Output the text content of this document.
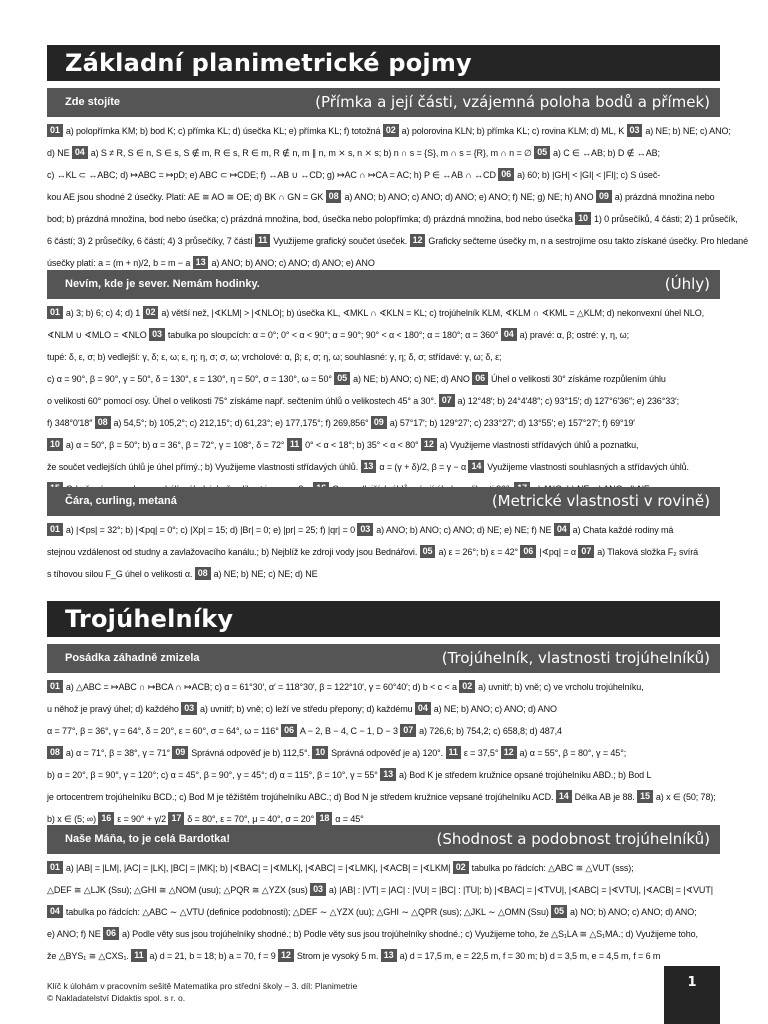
Základní planimetrické pojmy
Zde stojíte	(Přímka a její části, vzájemná poloha bodů a přímek)
01 a) polopřímka KM; b) bod K; c) přímka KL; d) úsečka KL; e) přímka KL; f) totožná 02 a) polorovina KLN; b) přímka KL; c) rovina KLM; d) ML, K 03 a) NE; b) NE; c) ANO;
d) NE 04 a) S ≠ R, S ∈ n, S ∈ s, S ∉ m, R ∈ s, R ∈ m, R ∉ n, m ∥ n, m ⨯ s, n ⨯ s; b) n ∩ s = {S}, m ∩ s = {R}, m ∩ n = ∅ 05 a) C ∈ ↔AB; b) D ∉ ↔AB;
c) ↔KL ⊂ ↔ABC; d) ↦ABC = ↦pD; e) ABC ⊂ ↦CDE; f) ↔AB ∪ ↔CD; g) ↦AC ∩ ↦CA = AC; h) P ∈ ↔AB ∩ ↔CD 06 a) 60; b) |GH| < |GI| < |FI|; c) S úseč-
kou AE jsou shodné 2 úsečky. Platí: AE ≅ AO ≅ OE; d) BK ∩ GN = GK 08 a) ANO; b) ANO; c) ANO; d) ANO; e) ANO; f) NE; g) NE; h) ANO 09 a) prázdná množina nebo
bod; b) prázdná množina, bod nebo úsečka; c) prázdná množina, bod, úsečka nebo polopřímka; d) prázdná množina, bod nebo úsečka 10 1) 0 průsečíků, 4 části; 2) 1 průsečík,
6 částí; 3) 2 průsečíky, 6 částí; 4) 3 průsečíky, 7 částí 11 Využijeme grafický součet úseček. 12 Graficky sečteme úsečky m, n a sestrojíme osu takto získané úsečky. Pro hledané
úsečky platí: a = (m + n)/2, b = m − a 13 a) ANO; b) ANO; c) ANO; d) ANO; e) ANO
Nevím, kde je sever. Nemám hodinky.	(Úhly)
01 a) 3; b) 6; c) 4; d) 1 02 a) větší než, |∢KLM| > |∢NLO|; b) úsečka KL, ∢MKL ∩ ∢KLN = KL; c) trojúhelník KLM, ∢KLM ∩ ∢KML = △KLM; d) nekonvexní úhel NLO,
∢NLM ∪ ∢MLO = ∢NLO 03 tabulka po sloupcích: α = 0°; 0° < α < 90°; α = 90°; 90° < α < 180°; α = 180°; α = 360° 04 a) pravé: α, β; ostré: γ, η, ω;
tupé: δ, ε, σ; b) vedlejší: γ, δ; ε, ω; ε, η; η, σ; σ, ω; vrcholové: α, β; ε, σ; η, ω; souhlasné: γ, η; δ, σ; střídavé: γ, ω; δ, ε;
c) α = 90°, β = 90°, γ = 50°, δ = 130°, ε = 130°, η = 50°, σ = 130°, ω = 50° 05 a) NE; b) ANO; c) NE; d) ANO 06 Úhel o velikosti 30° získáme rozpůlením úhlu
o velikosti 60° pomocí osy. Úhel o velikosti 75° získáme např. sečtením úhlů o velikostech 45° a 30°. 07 a) 12°48′; b) 24°4′48″; c) 93°15′; d) 127°6′36″; e) 236°33′;
f) 348°0′18″ 08 a) 54,5°; b) 105,2°; c) 212,15°; d) 61,23°; e) 177,175°; f) 269,856° 09 a) 57°17′; b) 129°27′; c) 233°27′; d) 13°55′; e) 157°27′; f) 69°19′
10 a) α = 50°, β = 50°; b) α = 36°, β = 72°, γ = 108°, δ = 72° 11 0° < α < 18°; b) 35° < α < 80° 12 a) Využijeme vlastnosti střídavých úhlů a poznatku,
že součet vedlejších úhlů je úhel přímý.; b) Využijeme vlastnosti střídavých úhlů. 13 α = (γ + δ)/2, β = γ − α 14 Využijeme vlastnosti souhlasných a střídavých úhlů.
Čára, curling, metaná	(Metrické vlastnosti v rovině)
01 a) |∢ps| = 32°; b) |∢pq| = 0°; c) |Xp| = 15; d) |Br| = 0; e) |pr| = 25; f) |qr| = 0 03 a) ANO; b) ANO; c) ANO; d) NE; e) NE; f) NE 04 a) Chata každé rodiny má
stejnou vzdálenost od studny a zavlažovacího kanálu.; b) Nejblíž ke zdroji vody jsou Bednářovi. 05 a) ε = 26°; b) ε = 42° 06 |∢pq| = α 07 a) Tlaková složka F₂ svírá
s tíhovou silou F_G úhel o velikosti α. 08 a) NE; b) NE; c) NE; d) NE
Trojúhelníky
Posádka záhadně zmizela	(Trojúhelník, vlastnosti trojúhelníků)
01 a) △ABC = ↦ABC ∩ ↦BCA ∩ ↦ACB; c) α = 61°30′, α′ = 118°30′, β = 122°10′, γ = 60°40′; d) b < c < a 02 a) uvnitř; b) vně; c) ve vrcholu trojúhelníku,
u něhož je pravý úhel; d) každého 03 a) uvnitř; b) vně; c) leží ve středu přepony; d) každému 04 a) NE; b) ANO; c) ANO; d) ANO
α = 77°, β = 36°, γ = 64°, δ = 20°, ε = 60°, σ = 64°, ω = 116° 06 A − 2, B − 4, C − 1, D − 3 07 a) 726,6; b) 754,2; c) 658,8; d) 487,4
08 a) α = 71°, β = 38°, γ = 71° 09 Správná odpověď je b) 112,5°. 10 Správná odpověď je a) 120°. 11 ε = 37,5° 12 a) α = 55°, β = 80°, γ = 45°;
b) α = 20°, β = 90°, γ = 120°; c) α = 45°, β = 90°, γ = 45°; d) α = 115°, β = 10°, γ = 55° 13 a) Bod K je středem kružnice opsané trojúhelníku ABD.; b) Bod L
je ortocentrem trojúhelníku BCD.; c) Bod M je těžištěm trojúhelníku ABC.; d) Bod N je středem kružnice vepsané trojúhelníku ACD. 14 Délka AB je 88. 15 a) x ∈ (50; 78);
b) x ∈ (5; ∞) 16 ε = 90° + γ/2 17 δ = 80°, ε = 70°, μ = 40°, σ = 20° 18 α = 45°
Naše Máňa, to je celá Bardotka!	(Shodnost a podobnost trojúhelníků)
01 a) |AB| = |LM|, |AC| = |LK|, |BC| = |MK|; b) |∢BAC| = |∢MLK|, |∢ABC| = |∢LMK|, |∢ACB| = |∢LKM| 02 tabulka po řádcích: △ABC ≅ △VUT (sss);
△DEF ≅ △LJK (Ssu); △GHI ≅ △NOM (usu); △PQR ≅ △YZX (sus) 03 a) |AB| : |VT| = |AC| : |VU| = |BC| : |TU|; b) |∢BAC| = |∢TVU|, |∢ABC| = |∢VTU|, |∢ACB| = |∢VUT|
04 tabulka po řádcích: △ABC ∼ △VTU (definice podobnosti); △DEF ∼ △YZX (uu); △GHI ∼ △QPR (sus); △JKL ∼ △OMN (Ssu) 05 a) NO; b) ANO; c) ANO; d) ANO;
e) ANO; f) NE 06 a) Podle věty sus jsou trojúhelníky shodné.; b) Podle věty sus jsou trojúhelníky shodné.; c) Využijeme toho, že △S₁LA ≅ △S₁MA.; d) Využijeme toho,
že △BYS₁ ≅ △CXS₁. 11 a) d = 21, b = 18; b) a = 70, f = 9 12 Strom je vysoký 5 m. 13 a) d = 17,5 m, e = 22,5 m, f = 30 m; b) d = 3,5 m, e = 4,5 m, f = 6 m
Klíč k úlohám v pracovním sešitě Matematika pro střední školy – 3. díl: Planimetrie
© Nakladatelství Didaktis spol. s r. o.
1
